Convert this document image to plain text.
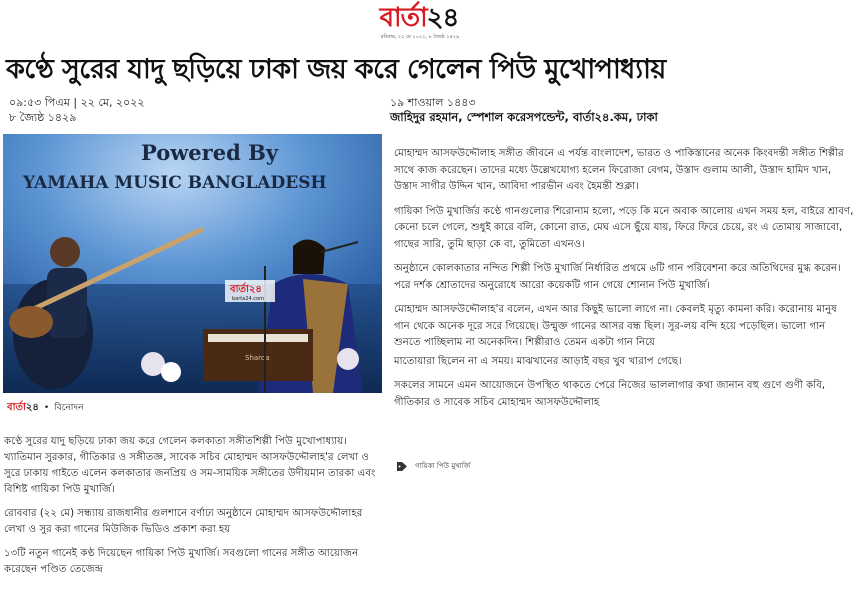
বার্তা২৪
রবিবার, ২২ মে ২০২২, ৮ জ্যৈষ্ঠ ১৪২৯
কণ্ঠে সুরের যাদু ছড়িয়ে ঢাকা জয় করে গেলেন পিউ মুখোপাধ্যায়
০৯:৫৩ পিএম | ২২ মে, ২০২২
৮ জ্যৈষ্ঠ ১৪২৯
১৯ শাওয়াল ১৪৪৩
জাহিদুর রহমান, স্পেশাল করেসপন্ডেন্ট, বার্তা২৪.কম, ঢাকা
Powered By
YAMAHA MUSIC BANGLADESH
Sharda
বার্তা২৪
barta24.com
বার্তা২৪ • বিনোদন

কণ্ঠে সুরের যাদু ছড়িয়ে ঢাকা জয় করে গেলেন কলকাতা সঙ্গীতশিল্পী পিউ মুখোপাধ্যায়। খ্যাতিমান সুরকার, গীতিকার ও সঙ্গীতজ্ঞ, সাবেক সচিব মোহাম্মদ আসফউদ্দৌলাহ'র লেখা ও সুরে ঢাকায় গাইতে এলেন কলকাতার জনপ্রিয় ও সম-সাময়িক সঙ্গীতের উদীয়মান তারকা এবং বিশিষ্ট গায়িকা পিউ মুখার্জি।

রোববার (২২ মে) সন্ধ্যায় রাজধানীর গুলশানে বর্ণাঢ্য অনুষ্ঠানে মোহাম্মদ আসফউদ্দৌলাহর লেখা ও সুর করা গানের মিউজিক ভিডিও প্রকাশ করা হয়

১৩টি নতুন গানেই কণ্ঠ দিয়েছেন গায়িকা পিউ মুখার্জি। সবগুলো গানের সঙ্গীত আয়োজন করেছেন পণ্ডিত তেজেন্দ্র

মোহাম্মদ আসফউদ্দৌলাহ সঙ্গীত জীবনে এ পর্যন্ত বাংলাদেশ, ভারত ও পাকিস্তানের অনেক কিংবদন্তী সঙ্গীত শিল্পীর সাথে কাজ করেছেন। তাদের মধ্যে উল্লেখযোগ্য হলেন ফিরোজা বেগম, উস্তাদ গুলাম আলী, উস্তাদ হামিদ খান, উস্তাদ সাগীর উদ্দিন খান, আবিদা পারভীন এবং হৈমন্তী শুক্লা।

গায়িকা পিউ মুখার্জির কণ্ঠে গানগুলোর শিরোনাম হলো, পড়ে কি মনে অবাক আলোয় এখন সময় হল, বাইরে শ্রাবণ, কেনো চলে গেলে, শুধুই কারে বলি, কোনো রাত, মেঘ এসে ছুঁয়ে যায়, ফিরে ফিরে চেয়ে, রং এ তোমায় সাজাবো, গাছের সারি, তুমি ছাড়া কে বা, তুমিতো এখনও।

অনুষ্ঠানে কোলকাতার নন্দিত শিল্পী পিউ মুখার্জি নির্ধারিত প্রথমে ৬টি গান পরিবেশনা করে অতিথিদের মুগ্ধ করেন। পরে দর্শক শ্রোতাদের অনুরোধে আরো কয়েকটি গান গেয়ে শোনান পিউ মুখার্জি।

মোহাম্মদ আসফউদ্দৌলাহ'র বলেন, এখন আর কিছুই ভালো লাগে না। কেবলই মৃত্যু কামনা করি। করোনায় মানুষ গান থেকে অনেক দূরে সরে গিয়েছে। উন্মুক্ত গানের আসর বন্ধ ছিল। সুর-লয় বন্দি হয়ে পড়েছিল। ভালো গান শুনতে পাচ্ছিলাম না অনেকদিন। শিল্পীরাও তেমন একটা গান নিয়ে

মাতোয়ারা ছিলেন না এ সময়। মাঝখানের আড়াই বছর খুব খারাপ গেছে।

সকলের সামনে এমন আয়োজনে উপস্থিত থাকতে পেরে নিজের ভাললাগার কথা জানান বহু গুণে গুণী কবি, গীতিকার ও সাবেক সচিব মোহাম্মদ আসফউদ্দৌলাহ

গায়িকা পিউ মুখার্জি
